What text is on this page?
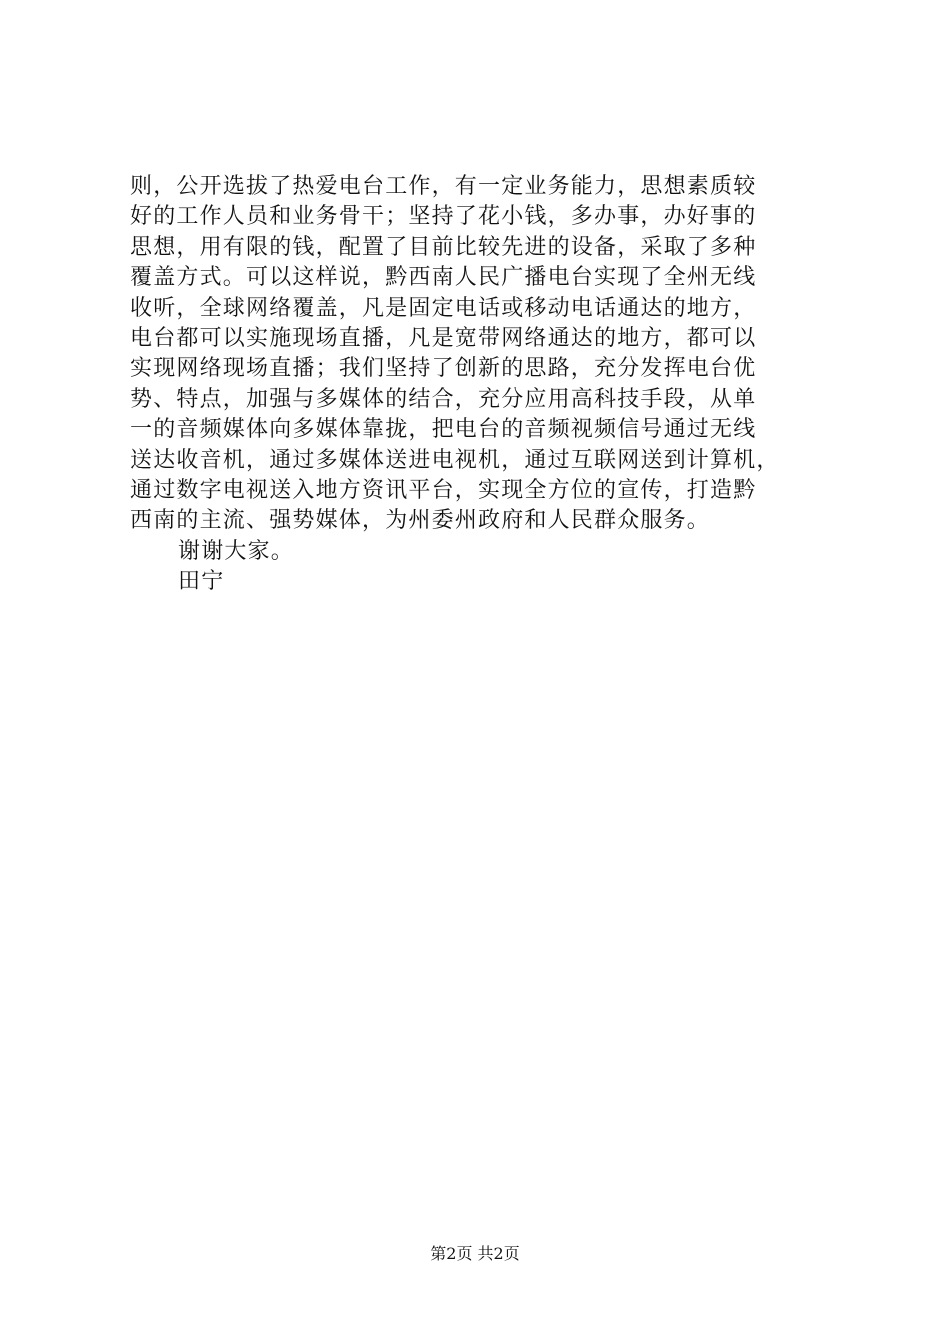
则，公开选拔了热爱电台工作，有一定业务能力，思想素质较
好的工作人员和业务骨干；坚持了花小钱，多办事，办好事的
思想，用有限的钱，配置了目前比较先进的设备，采取了多种
覆盖方式。可以这样说，黔西南人民广播电台实现了全州无线
收听，全球网络覆盖，凡是固定电话或移动电话通达的地方，
电台都可以实施现场直播，凡是宽带网络通达的地方，都可以
实现网络现场直播；我们坚持了创新的思路，充分发挥电台优
势、特点，加强与多媒体的结合，充分应用高科技手段，从单
一的音频媒体向多媒体靠拢，把电台的音频视频信号通过无线
送达收音机，通过多媒体送进电视机，通过互联网送到计算机，
通过数字电视送入地方资讯平台，实现全方位的宣传，打造黔
西南的主流、强势媒体，为州委州政府和人民群众服务。
谢谢大家。
田宁
第2页 共2页
